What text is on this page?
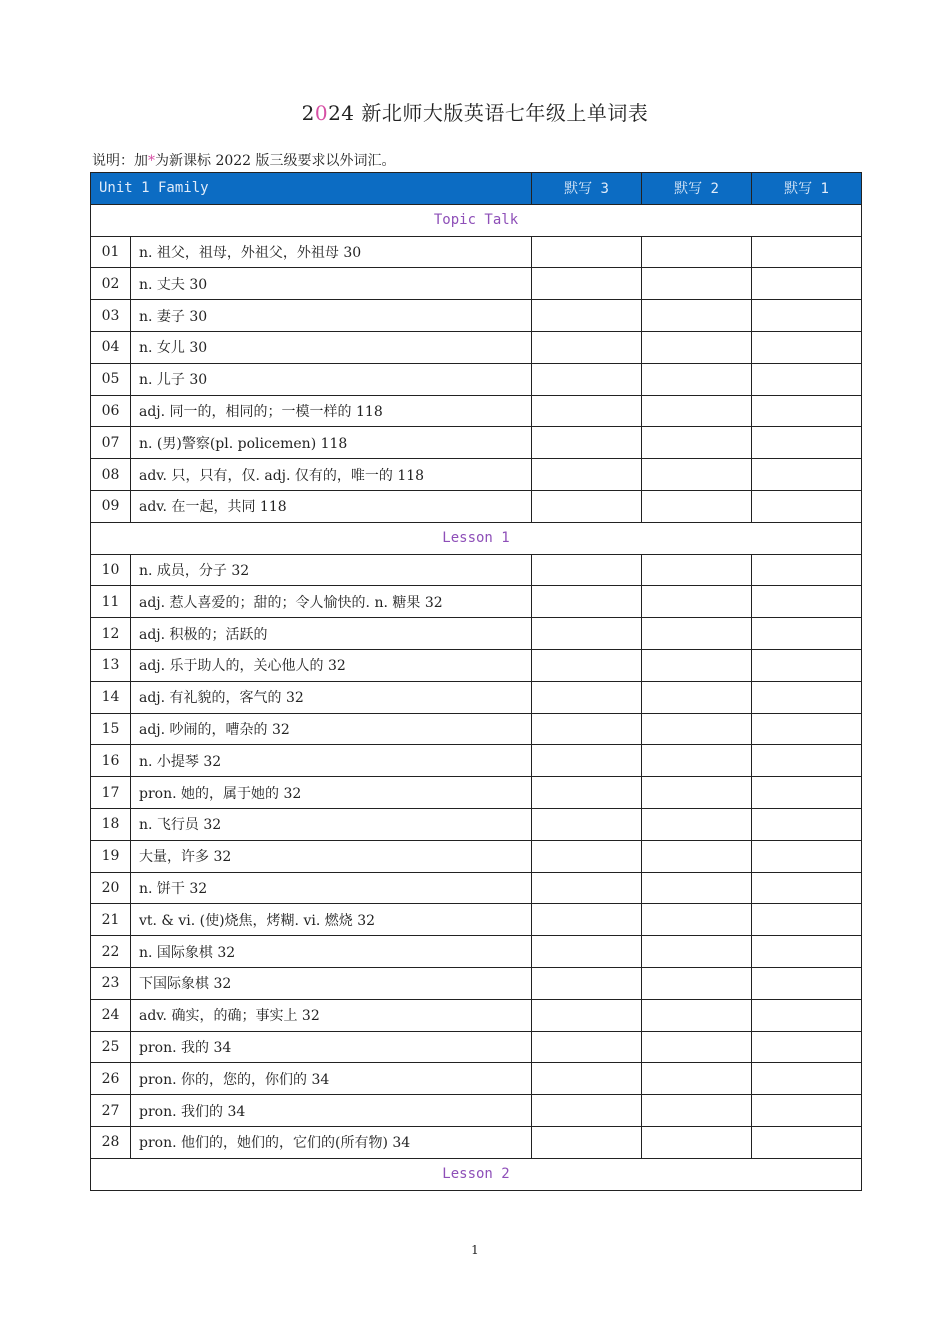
2024 新北师大版英语七年级上单词表
说明：加*为新课标 2022 版三级要求以外词汇。
Unit 1 Family		默写 3	默写 2	默写 1
Topic Talk				
01	n. 祖父，祖母，外祖父，外祖母 30			
02	n. 丈夫 30			
03	n. 妻子 30			
04	n. 女儿 30			
05	n. 儿子 30			
06	adj. 同一的，相同的；一模一样的 118			
07	n. (男)警察(pl. policemen) 118			
08	adv. 只，只有，仅. adj. 仅有的，唯一的 118			
09	adv. 在一起，共同 118			
Lesson 1				
10	n. 成员，分子 32			
11	adj. 惹人喜爱的；甜的；令人愉快的. n. 糖果 32			
12	adj. 积极的；活跃的			
13	adj. 乐于助人的，关心他人的 32			
14	adj. 有礼貌的，客气的 32			
15	adj. 吵闹的，嘈杂的 32			
16	n. 小提琴 32			
17	pron. 她的，属于她的 32			
18	n. 飞行员 32			
19	大量，许多 32			
20	n. 饼干 32			
21	vt. & vi. (使)烧焦，烤糊. vi. 燃烧 32			
22	n. 国际象棋 32			
23	下国际象棋 32			
24	adv. 确实，的确；事实上 32			
25	pron. 我的 34			
26	pron. 你的，您的，你们的 34			
27	pron. 我们的 34			
28	pron. 他们的，她们的，它们的(所有物) 34			
Lesson 2				
1
